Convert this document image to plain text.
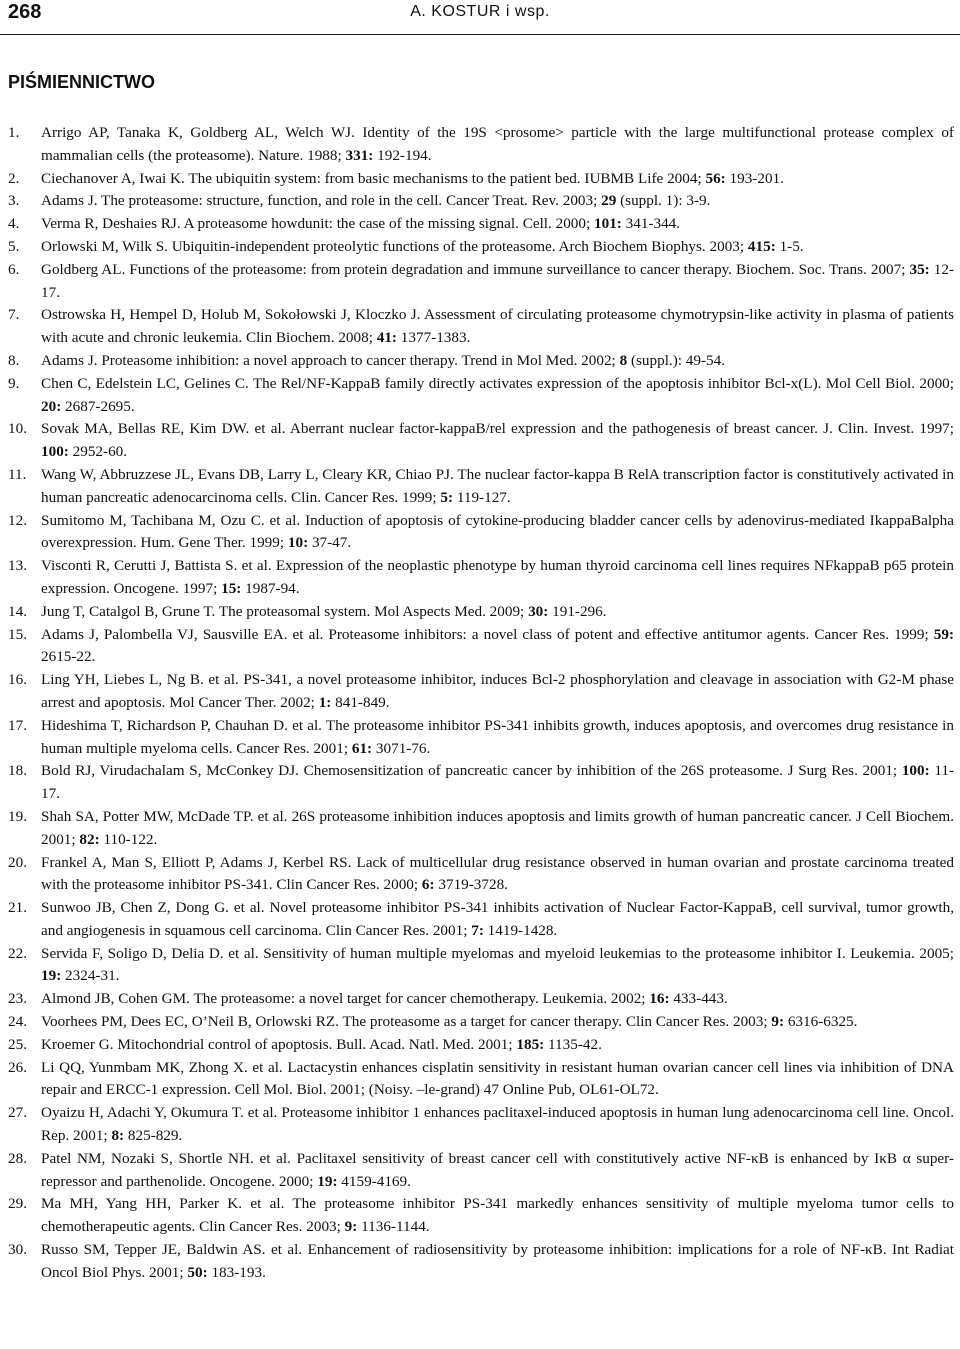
268	A. KOSTUR i wsp.
PIŚMIENNICTWO
1. Arrigo AP, Tanaka K, Goldberg AL, Welch WJ. Identity of the 19S <prosome> particle with the large multifunctional protease complex of mammalian cells (the proteasome). Nature. 1988; 331: 192-194.
2. Ciechanover A, Iwai K. The ubiquitin system: from basic mechanisms to the patient bed. IUBMB Life 2004; 56: 193-201.
3. Adams J. The proteasome: structure, function, and role in the cell. Cancer Treat. Rev. 2003; 29 (suppl. 1): 3-9.
4. Verma R, Deshaies RJ. A proteasome howdunit: the case of the missing signal. Cell. 2000; 101: 341-344.
5. Orlowski M, Wilk S. Ubiquitin-independent proteolytic functions of the proteasome. Arch Biochem Biophys. 2003; 415: 1-5.
6. Goldberg AL. Functions of the proteasome: from protein degradation and immune surveillance to cancer therapy. Biochem. Soc. Trans. 2007; 35: 12-17.
7. Ostrowska H, Hempel D, Holub M, Sokołowski J, Kloczko J. Assessment of circulating proteasome chymotrypsin-like activity in plasma of patients with acute and chronic leukemia. Clin Biochem. 2008; 41: 1377-1383.
8. Adams J. Proteasome inhibition: a novel approach to cancer therapy. Trend in Mol Med. 2002; 8 (suppl.): 49-54.
9. Chen C, Edelstein LC, Gelines C. The Rel/NF-KappaB family directly activates expression of the apoptosis inhibitor Bcl-x(L). Mol Cell Biol. 2000; 20: 2687-2695.
10. Sovak MA, Bellas RE, Kim DW. et al. Aberrant nuclear factor-kappaB/rel expression and the pathogenesis of breast cancer. J. Clin. Invest. 1997; 100: 2952-60.
11. Wang W, Abbruzzese JL, Evans DB, Larry L, Cleary KR, Chiao PJ. The nuclear factor-kappa B RelA transcription factor is constitutively activated in human pancreatic adenocarcinoma cells. Clin. Cancer Res. 1999; 5: 119-127.
12. Sumitomo M, Tachibana M, Ozu C. et al. Induction of apoptosis of cytokine-producing bladder cancer cells by adenovirus-mediated IkappaBalpha overexpression. Hum. Gene Ther. 1999; 10: 37-47.
13. Visconti R, Cerutti J, Battista S. et al. Expression of the neoplastic phenotype by human thyroid carcinoma cell lines requires NFkappaB p65 protein expression. Oncogene. 1997; 15: 1987-94.
14. Jung T, Catalgol B, Grune T. The proteasomal system. Mol Aspects Med. 2009; 30: 191-296.
15. Adams J, Palombella VJ, Sausville EA. et al. Proteasome inhibitors: a novel class of potent and effective antitumor agents. Cancer Res. 1999; 59: 2615-22.
16. Ling YH, Liebes L, Ng B. et al. PS-341, a novel proteasome inhibitor, induces Bcl-2 phosphorylation and cleavage in association with G2-M phase arrest and apoptosis. Mol Cancer Ther. 2002; 1: 841-849.
17. Hideshima T, Richardson P, Chauhan D. et al. The proteasome inhibitor PS-341 inhibits growth, induces apoptosis, and overcomes drug resistance in human multiple myeloma cells. Cancer Res. 2001; 61: 3071-76.
18. Bold RJ, Virudachalam S, McConkey DJ. Chemosensitization of pancreatic cancer by inhibition of the 26S proteasome. J Surg Res. 2001; 100: 11-17.
19. Shah SA, Potter MW, McDade TP. et al. 26S proteasome inhibition induces apoptosis and limits growth of human pancreatic cancer. J Cell Biochem. 2001; 82: 110-122.
20. Frankel A, Man S, Elliott P, Adams J, Kerbel RS. Lack of multicellular drug resistance observed in human ovarian and prostate carcinoma treated with the proteasome inhibitor PS-341. Clin Cancer Res. 2000; 6: 3719-3728.
21. Sunwoo JB, Chen Z, Dong G. et al. Novel proteasome inhibitor PS-341 inhibits activation of Nuclear Factor-KappaB, cell survival, tumor growth, and angiogenesis in squamous cell carcinoma. Clin Cancer Res. 2001; 7: 1419-1428.
22. Servida F, Soligo D, Delia D. et al. Sensitivity of human multiple myelomas and myeloid leukemias to the proteasome inhibitor I. Leukemia. 2005; 19: 2324-31.
23. Almond JB, Cohen GM. The proteasome: a novel target for cancer chemotherapy. Leukemia. 2002; 16: 433-443.
24. Voorhees PM, Dees EC, O’Neil B, Orlowski RZ. The proteasome as a target for cancer therapy. Clin Cancer Res. 2003; 9: 6316-6325.
25. Kroemer G. Mitochondrial control of apoptosis. Bull. Acad. Natl. Med. 2001; 185: 1135-42.
26. Li QQ, Yunmbam MK, Zhong X. et al. Lactacystin enhances cisplatin sensitivity in resistant human ovarian cancer cell lines via inhibition of DNA repair and ERCC-1 expression. Cell Mol. Biol. 2001; (Noisy. –le-grand) 47 Online Pub, OL61-OL72.
27. Oyaizu H, Adachi Y, Okumura T. et al. Proteasome inhibitor 1 enhances paclitaxel-induced apoptosis in human lung adenocarcinoma cell line. Oncol. Rep. 2001; 8: 825-829.
28. Patel NM, Nozaki S, Shortle NH. et al. Paclitaxel sensitivity of breast cancer cell with constitutively active NF-κB is enhanced by IκB α super-repressor and parthenolide. Oncogene. 2000; 19: 4159-4169.
29. Ma MH, Yang HH, Parker K. et al. The proteasome inhibitor PS-341 markedly enhances sensitivity of multiple myeloma tumor cells to chemotherapeutic agents. Clin Cancer Res. 2003; 9: 1136-1144.
30. Russo SM, Tepper JE, Baldwin AS. et al. Enhancement of radiosensitivity by proteasome inhibition: implications for a role of NF-κB. Int Radiat Oncol Biol Phys. 2001; 50: 183-193.
